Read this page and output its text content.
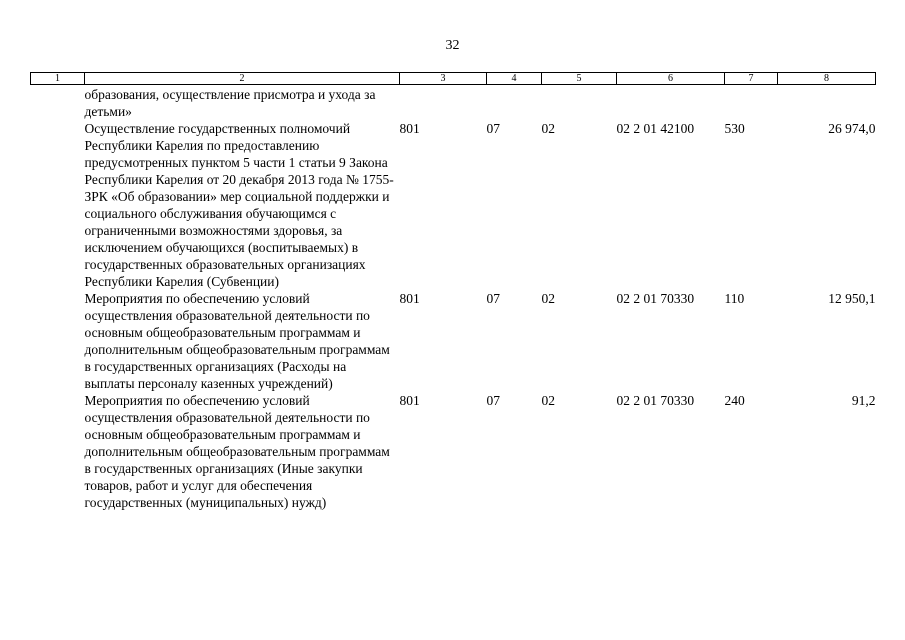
32
1	2	3	4	5	6	7	8
	образования, осуществление присмотра и ухода за детьми»						
	Осуществление государственных полномочий Республики Карелия по предоставлению предусмотренных пунктом 5 части 1 статьи 9 Закона Республики Карелия от 20 декабря 2013 года № 1755-ЗРК «Об образовании» мер социальной поддержки и социального обслуживания обучающимся с ограниченными возможностями здоровья, за исключением обучающихся (воспитываемых) в государственных образовательных организациях Республики Карелия (Субвенции)	801	07	02	02 2 01 42100	530	26 974,0
	Мероприятия по обеспечению условий осуществления образовательной деятельности по основным общеобразовательным программам и дополнительным общеобразовательным программам в государственных организациях (Расходы на выплаты персоналу казенных учреждений)	801	07	02	02 2 01 70330	110	12 950,1
	Мероприятия по обеспечению условий осуществления образовательной деятельности по основным общеобразовательным программам и дополнительным общеобразовательным программам в государственных организациях (Иные закупки товаров, работ и услуг для обеспечения государственных (муниципальных) нужд)	801	07	02	02 2 01 70330	240	91,2
